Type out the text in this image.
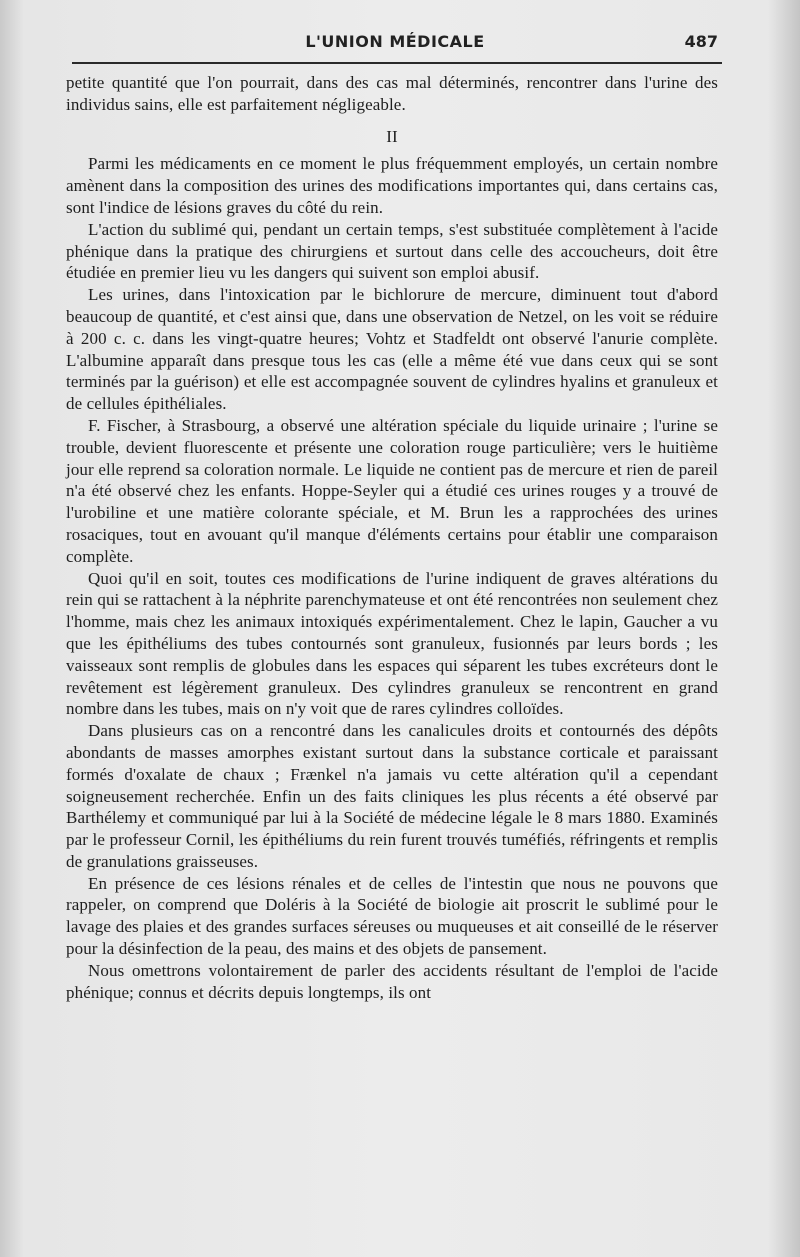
L'UNION MÉDICALE	487

petite quantité que l'on pourrait, dans des cas mal déterminés, rencontrer dans l'urine des individus sains, elle est parfaitement négligeable.

II

Parmi les médicaments en ce moment le plus fréquemment employés, un certain nombre amènent dans la composition des urines des modifications importantes qui, dans certains cas, sont l'indice de lésions graves du côté du rein.

L'action du sublimé qui, pendant un certain temps, s'est substituée complètement à l'acide phénique dans la pratique des chirurgiens et surtout dans celle des accoucheurs, doit être étudiée en premier lieu vu les dangers qui suivent son emploi abusif.

Les urines, dans l'intoxication par le bichlorure de mercure, diminuent tout d'abord beaucoup de quantité, et c'est ainsi que, dans une observation de Netzel, on les voit se réduire à 200 c. c. dans les vingt-quatre heures; Vohtz et Stadfeldt ont observé l'anurie complète. L'albumine apparaît dans presque tous les cas (elle a même été vue dans ceux qui se sont terminés par la guérison) et elle est accompagnée souvent de cylindres hyalins et granuleux et de cellules épithéliales.

F. Fischer, à Strasbourg, a observé une altération spéciale du liquide urinaire ; l'urine se trouble, devient fluorescente et présente une coloration rouge particulière; vers le huitième jour elle reprend sa coloration normale. Le liquide ne contient pas de mercure et rien de pareil n'a été observé chez les enfants. Hoppe-Seyler qui a étudié ces urines rouges y a trouvé de l'urobiline et une matière colorante spéciale, et M. Brun les a rapprochées des urines rosaciques, tout en avouant qu'il manque d'éléments certains pour établir une comparaison complète.

Quoi qu'il en soit, toutes ces modifications de l'urine indiquent de graves altérations du rein qui se rattachent à la néphrite parenchymateuse et ont été rencontrées non seulement chez l'homme, mais chez les animaux intoxiqués expérimentalement. Chez le lapin, Gaucher a vu que les épithéliums des tubes contournés sont granuleux, fusionnés par leurs bords ; les vaisseaux sont remplis de globules dans les espaces qui séparent les tubes excréteurs dont le revêtement est légèrement granuleux. Des cylindres granuleux se rencontrent en grand nombre dans les tubes, mais on n'y voit que de rares cylindres colloïdes.

Dans plusieurs cas on a rencontré dans les canalicules droits et contournés des dépôts abondants de masses amorphes existant surtout dans la substance corticale et paraissant formés d'oxalate de chaux ; Frænkel n'a jamais vu cette altération qu'il a cependant soigneusement recherchée. Enfin un des faits cliniques les plus récents a été observé par Barthélemy et communiqué par lui à la Société de médecine légale le 8 mars 1880. Examinés par le professeur Cornil, les épithéliums du rein furent trouvés tuméfiés, réfringents et remplis de granulations graisseuses.

En présence de ces lésions rénales et de celles de l'intestin que nous ne pouvons que rappeler, on comprend que Doléris à la Société de biologie ait proscrit le sublimé pour le lavage des plaies et des grandes surfaces séreuses ou muqueuses et ait conseillé de le réserver pour la désinfection de la peau, des mains et des objets de pansement.

Nous omettrons volontairement de parler des accidents résultant de l'emploi de l'acide phénique; connus et décrits depuis longtemps, ils ont
